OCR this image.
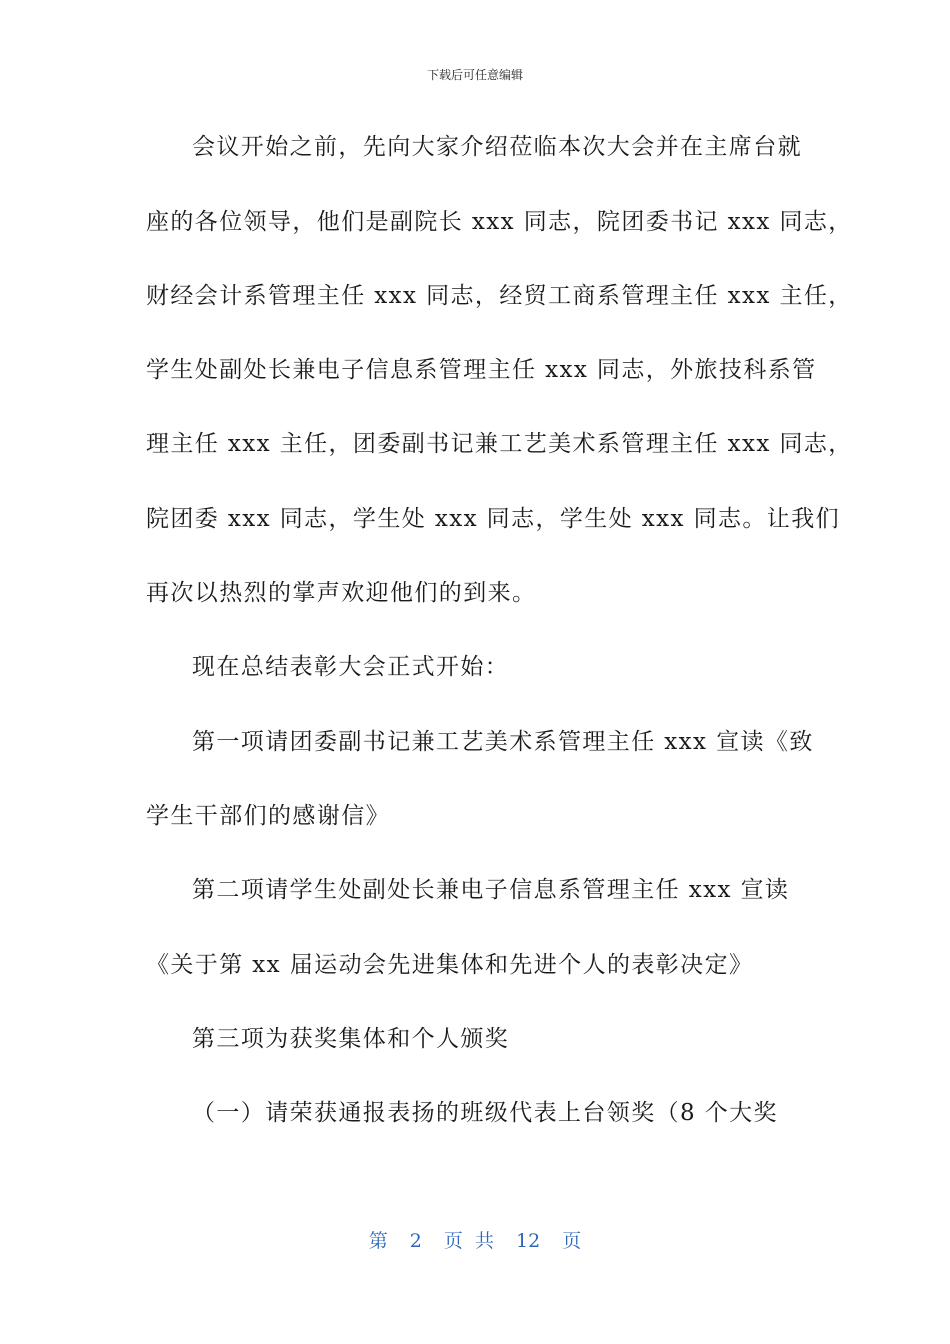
下载后可任意编辑
会议开始之前，先向大家介绍莅临本次大会并在主席台就
座的各位领导，他们是副院长 xxx 同志，院团委书记 xxx 同志，
财经会计系管理主任 xxx 同志，经贸工商系管理主任 xxx 主任，
学生处副处长兼电子信息系管理主任 xxx 同志，外旅技科系管
理主任 xxx 主任，团委副书记兼工艺美术系管理主任 xxx 同志，
院团委 xxx 同志，学生处 xxx 同志，学生处 xxx 同志。让我们
再次以热烈的掌声欢迎他们的到来。
现在总结表彰大会正式开始：
第一项请团委副书记兼工艺美术系管理主任 xxx 宣读《致
学生干部们的感谢信》
第二项请学生处副处长兼电子信息系管理主任 xxx 宣读
《关于第 xx 届运动会先进集体和先进个人的表彰决定》
第三项为获奖集体和个人颁奖
（一）请荣获通报表扬的班级代表上台领奖（8 个大奖
第 2 页 共 12 页
